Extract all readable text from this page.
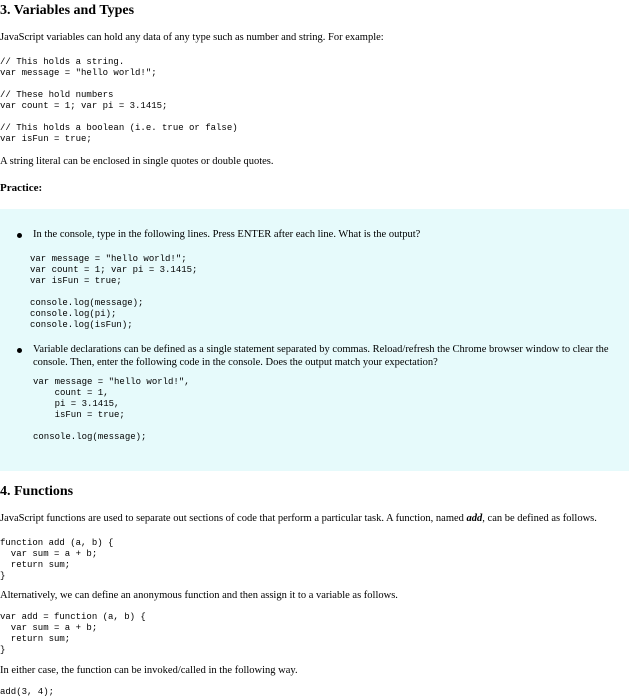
3. Variables and Types

JavaScript variables can hold any data of any type such as number and string. For example:

// This holds a string.
var message = "hello world!";

// These hold numbers
var count = 1; var pi = 3.1415;

// This holds a boolean (i.e. true or false)
var isFun = true;

A string literal can be enclosed in single quotes or double quotes.

Practice:

In the console, type in the following lines. Press ENTER after each line. What is the output?

var message = "hello world!";
var count = 1; var pi = 3.1415;
var isFun = true;

console.log(message);
console.log(pi);
console.log(isFun);

Variable declarations can be defined as a single statement separated by commas. Reload/refresh the Chrome browser window to clear the console. Then, enter the following code in the console. Does the output match your expectation?

var message = "hello world!",
count = 1,
pi = 3.1415,
isFun = true;

console.log(message);
4. Functions

JavaScript functions are used to separate out sections of code that perform a particular task. A function, named add, can be defined as follows.

function add (a, b) {
var sum = a + b;
return sum;
}

Alternatively, we can define an anonymous function and then assign it to a variable as follows.

var add = function (a, b) {
var sum = a + b;
return sum;
}

In either case, the function can be invoked/called in the following way.

add(3, 4);
